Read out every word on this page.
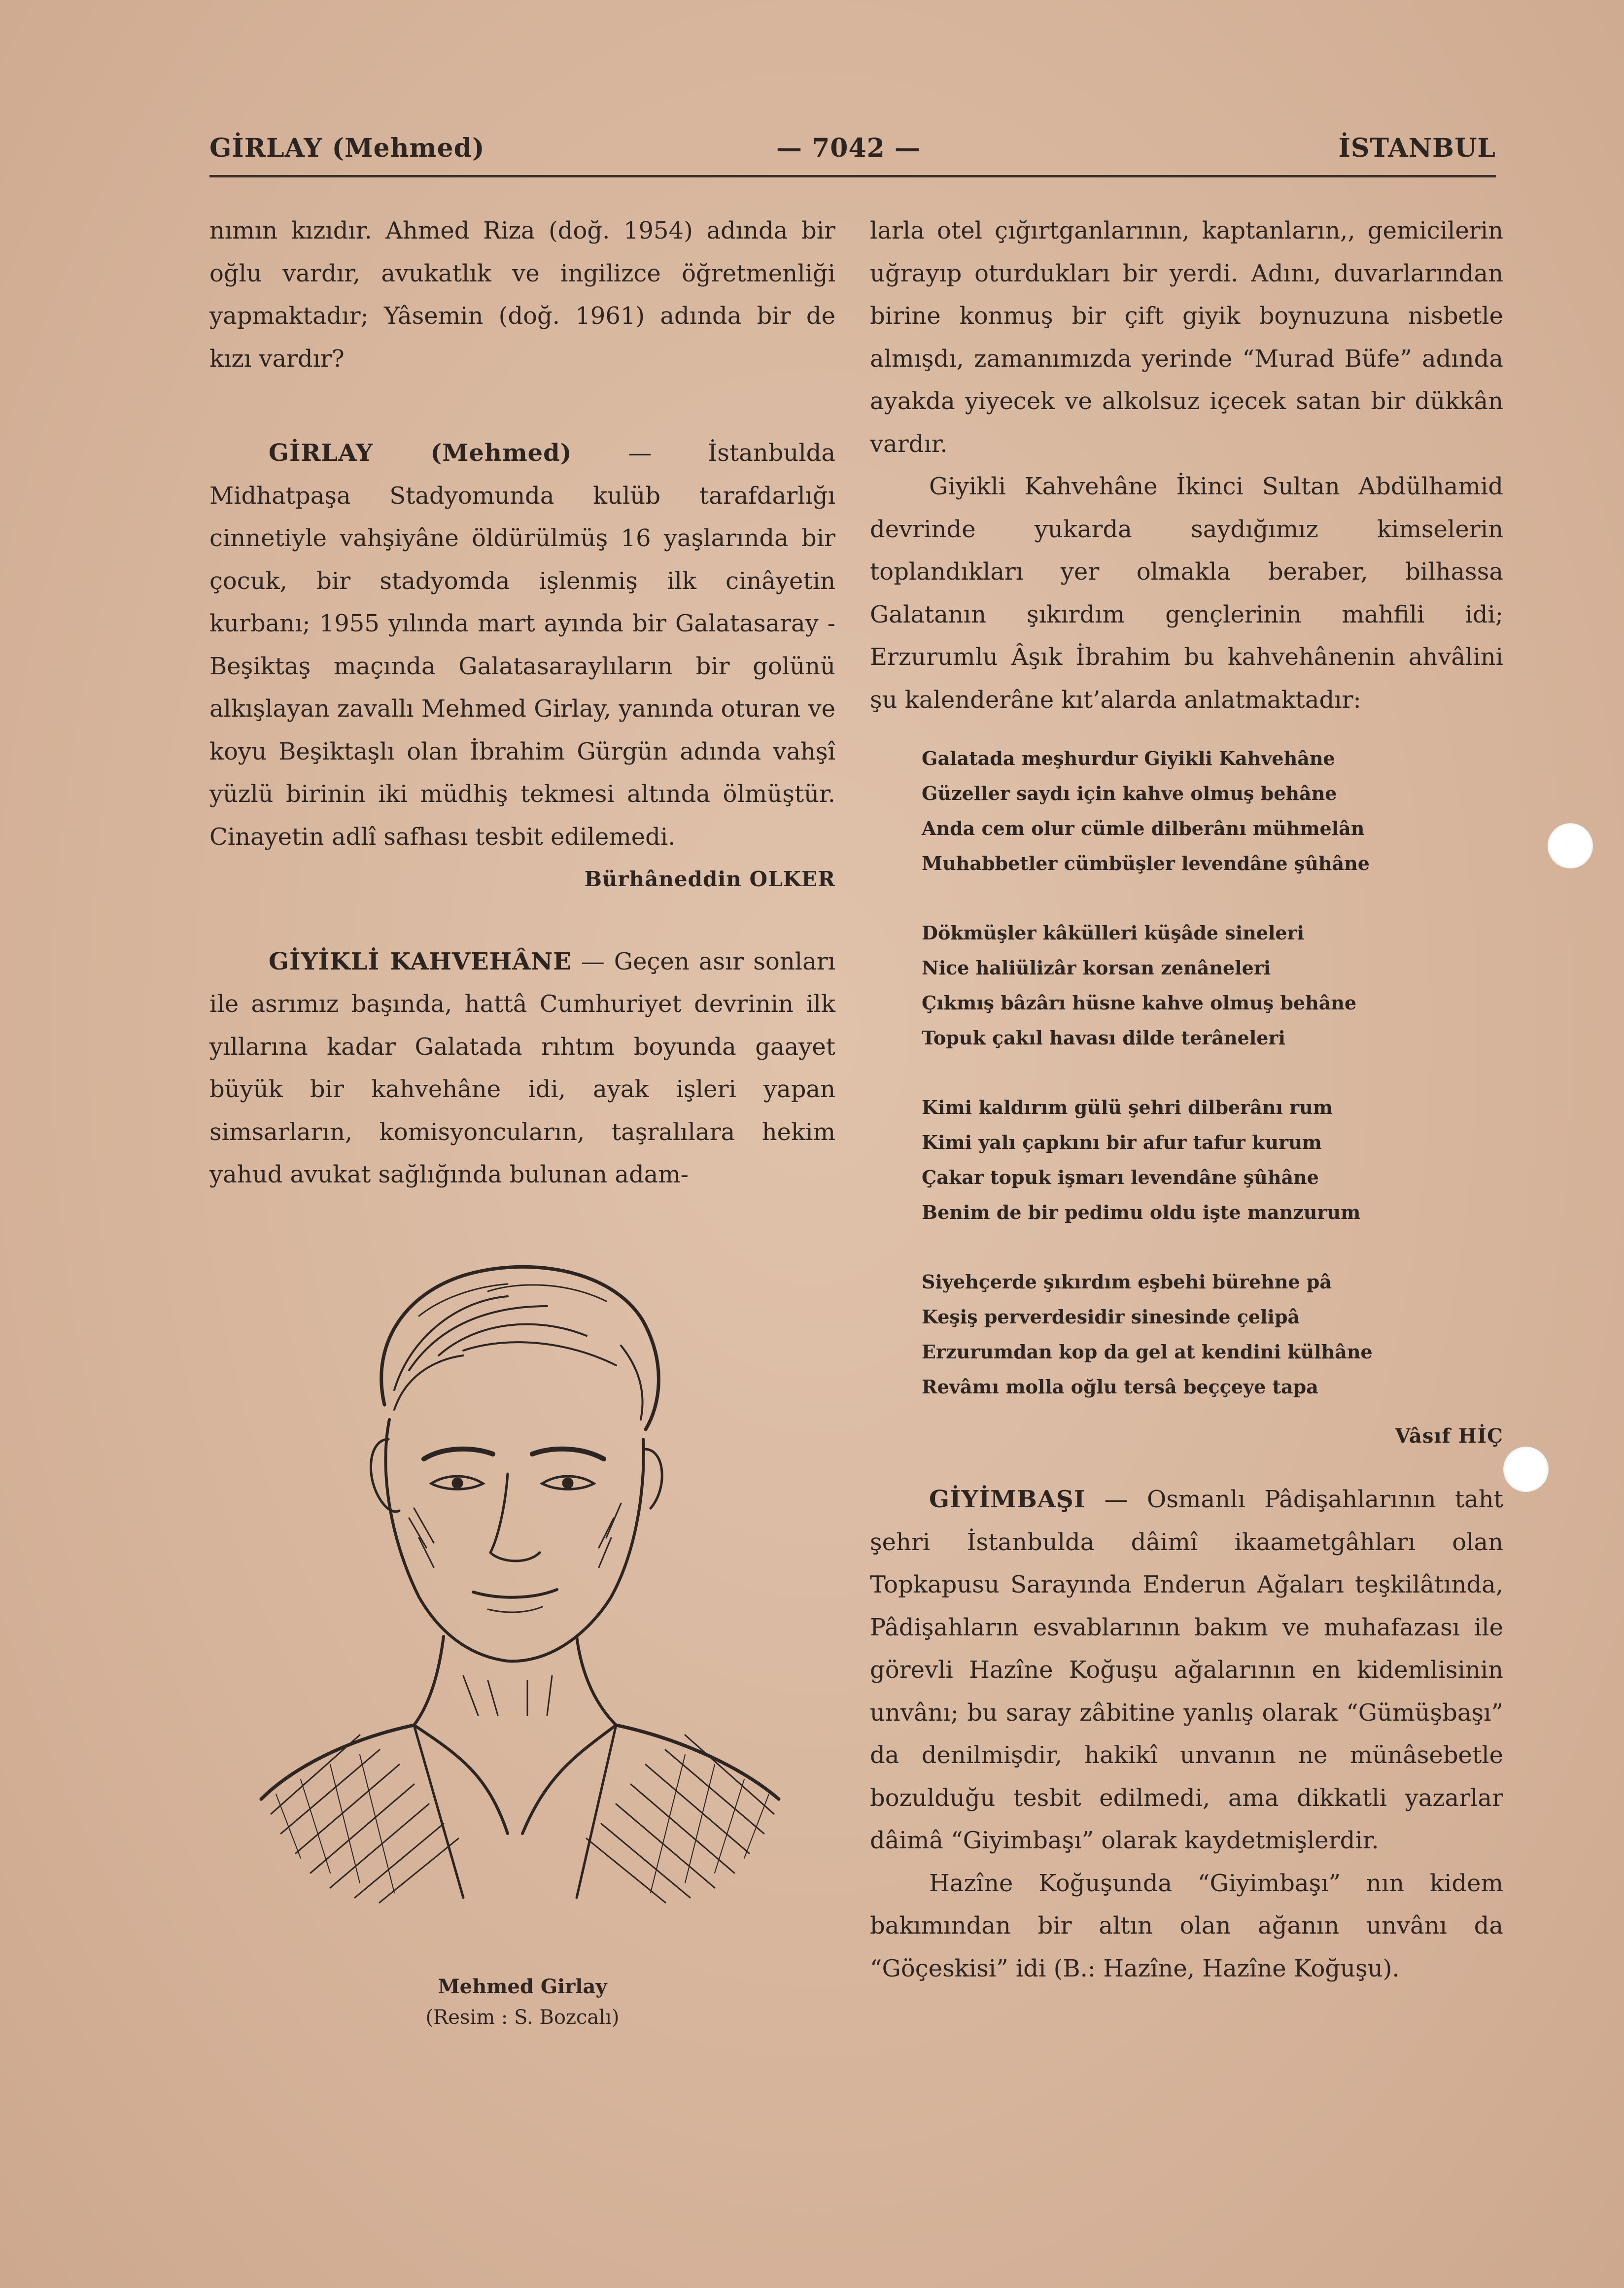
GİRLAY (Mehmed)	— 7042 —	İSTANBUL

nımın kızıdır. Ahmed Riza (doğ. 1954) adında bir oğlu vardır, avukatlık ve ingilizce öğretmenliği yapmaktadır; Yâsemin (doğ. 1961) adında bir de kızı vardır?

GİRLAY (Mehmed) — İstanbulda Midhatpaşa Stadyomunda kulüb tarafdarlığı cinnetiyle vahşiyâne öldürülmüş 16 yaşlarında bir çocuk, bir stadyomda işlenmiş ilk cinâyetin kurbanı; 1955 yılında mart ayında bir Galatasaray - Beşiktaş maçında Galatasaraylıların bir golünü alkışlayan zavallı Mehmed Girlay, yanında oturan ve koyu Beşiktaşlı olan İbrahim Gürgün adında vahşî yüzlü birinin iki müdhiş tekmesi altında ölmüştür. Cinayetin adlî safhası tesbit edilemedi.

Bürhâneddin OLKER

GİYİKLİ KAHVEHÂNE — Geçen asır sonları ile asrımız başında, hattâ Cumhuriyet devrinin ilk yıllarına kadar Galatada rıhtım boyunda gaayet büyük bir kahvehâne idi, ayak işleri yapan simsarların, komisyoncuların, taşralılara hekim yahud avukat sağlığında bulunan adam-

Mehmed Girlay
(Resim : S. Bozcalı)

larla otel çığırtganlarının, kaptanların,, gemicilerin uğrayıp oturdukları bir yerdi. Adını, duvarlarından birine konmuş bir çift giyik boynuzuna nisbetle almışdı, zamanımızda yerinde “Murad Büfe” adında ayakda yiyecek ve alkolsuz içecek satan bir dükkân vardır.

Giyikli Kahvehâne İkinci Sultan Abdülhamid devrinde yukarda saydığımız kimselerin toplandıkları yer olmakla beraber, bilhassa Galatanın şıkırdım gençlerinin mahfili idi; Erzurumlu Âşık İbrahim bu kahvehânenin ahvâlini şu kalenderâne kıt’alarda anlatmaktadır:

Galatada meşhurdur Giyikli Kahvehâne
Güzeller saydı için kahve olmuş behâne
Anda cem olur cümle dilberânı mühmelân
Muhabbetler cümbüşler levendâne şûhâne
Dökmüşler kâkülleri küşâde sineleri
Nice haliülizâr korsan zenâneleri
Çıkmış bâzârı hüsne kahve olmuş behâne
Topuk çakıl havası dilde terâneleri
Kimi kaldırım gülü şehri dilberânı rum
Kimi yalı çapkını bir afur tafur kurum
Çakar topuk işmarı levendâne şûhâne
Benim de bir pedimu oldu işte manzurum
Siyehçerde şıkırdım eşbehi bürehne pâ
Keşiş perverdesidir sinesinde çelipâ
Erzurumdan kop da gel at kendini külhâne
Revâmı molla oğlu tersâ beççeye tapa
Vâsıf HİÇ

GİYİMBAŞI — Osmanlı Pâdişahlarının taht şehri İstanbulda dâimî ikaametgâhları olan Topkapusu Sarayında Enderun Ağaları teşkilâtında, Pâdişahların esvablarının bakım ve muhafazası ile görevli Hazîne Koğuşu ağalarının en kidemlisinin unvânı; bu saray zâbitine yanlış olarak “Gümüşbaşı” da denilmişdir, hakikî unvanın ne münâsebetle bozulduğu tesbit edilmedi, ama dikkatli yazarlar dâimâ “Giyimbaşı” olarak kaydetmişlerdir.

Hazîne Koğuşunda “Giyimbaşı” nın kidem bakımından bir altın olan ağanın unvânı da “Göçeskisi” idi (B.: Hazîne, Hazîne Koğuşu).
